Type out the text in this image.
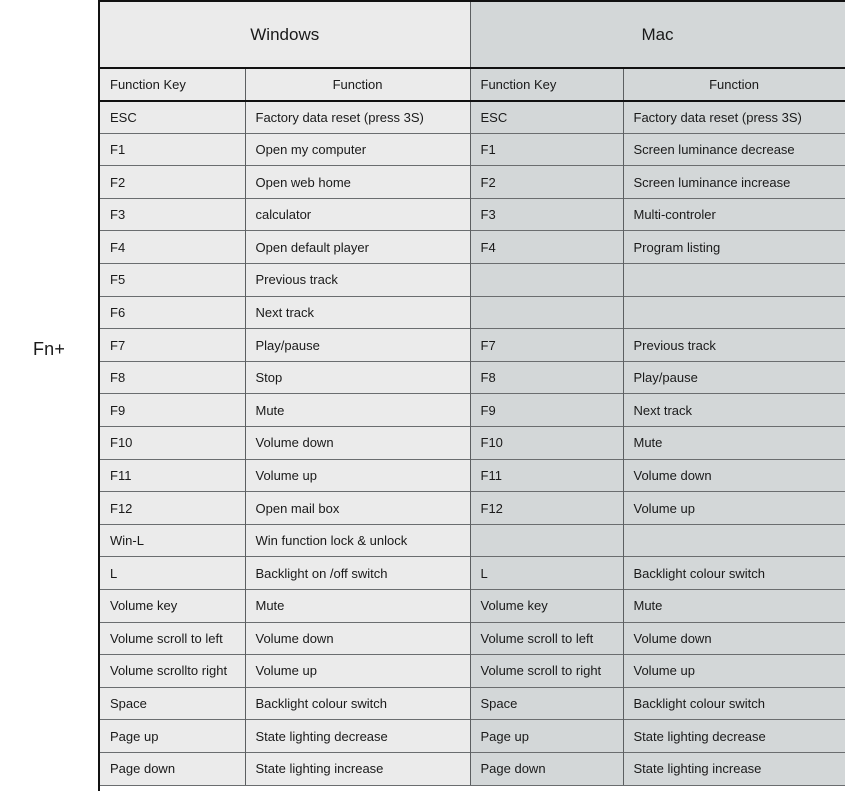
Fn+
Windows		Mac	
Function Key	Function	Function Key	Function
ESC	Factory data reset (press 3S)	ESC	Factory data reset (press 3S)
F1	Open my computer	F1	Screen luminance decrease
F2	Open web home	F2	Screen luminance increase
F3	calculator	F3	Multi-controler
F4	Open default player	F4	Program listing
F5	Previous track		
F6	Next track		
F7	Play/pause	F7	Previous track
F8	Stop	F8	Play/pause
F9	Mute	F9	Next track
F10	Volume down	F10	Mute
F11	Volume up	F11	Volume down
F12	Open mail box	F12	Volume up
Win-L	Win function lock & unlock		
L	Backlight on /off switch	L	Backlight colour switch
Volume key	Mute	Volume key	Mute
Volume scroll to left	Volume down	Volume scroll to left	Volume down
Volume scrollto right	Volume up	Volume scroll to right	Volume up
Space	Backlight colour switch	Space	Backlight colour switch
Page up	State lighting decrease	Page up	State lighting decrease
Page down	State lighting increase	Page down	State lighting increase
